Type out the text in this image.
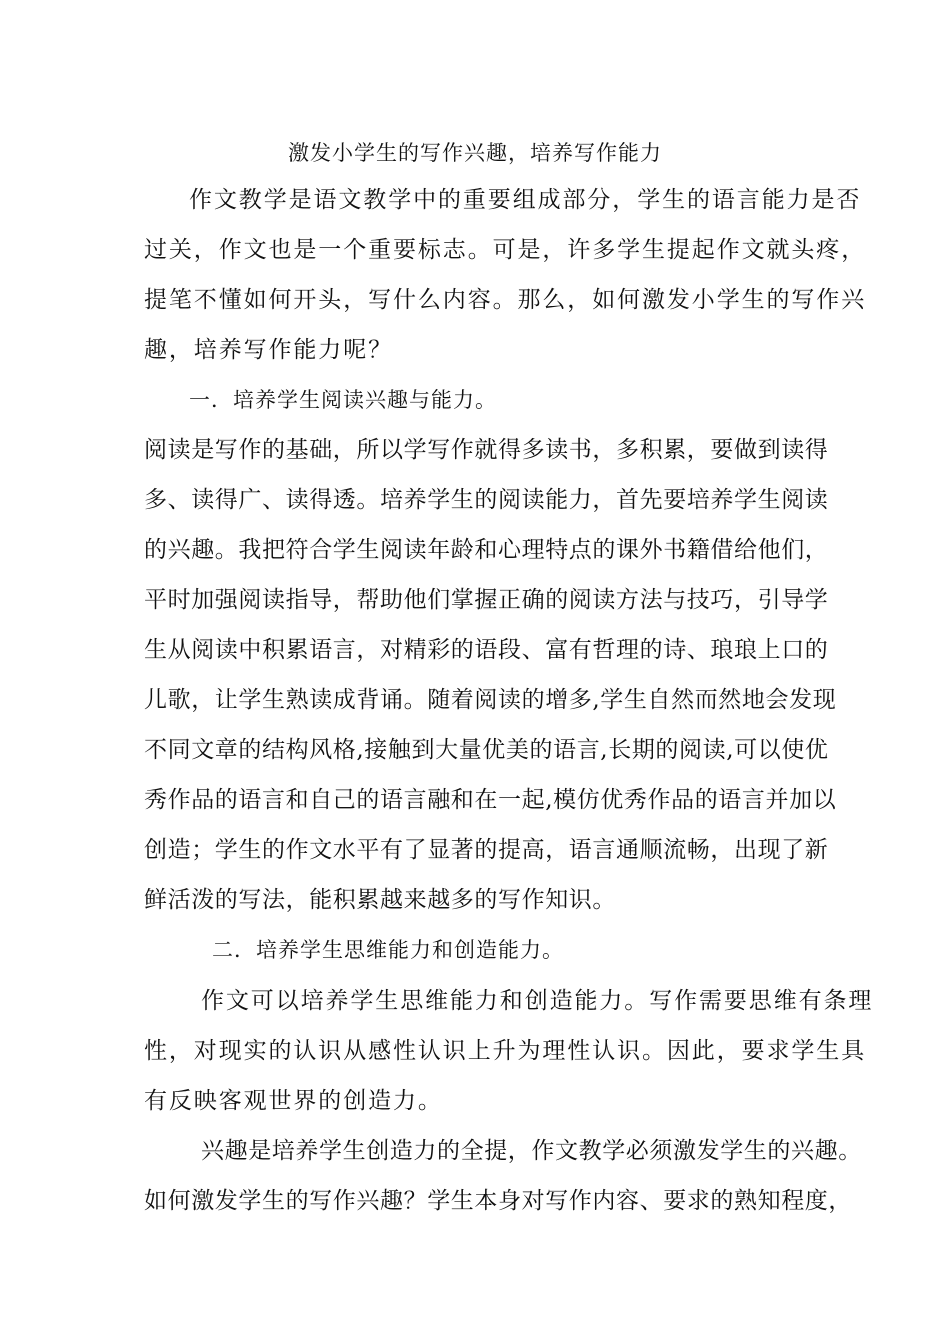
激发小学生的写作兴趣，培养写作能力
作文教学是语文教学中的重要组成部分，学生的语言能力是否
过关，作文也是一个重要标志。可是，许多学生提起作文就头疼，
提笔不懂如何开头，写什么内容。那么，如何激发小学生的写作兴
趣，培养写作能力呢？
一．培养学生阅读兴趣与能力。
阅读是写作的基础，所以学写作就得多读书，多积累，要做到读得
多、读得广、读得透。培养学生的阅读能力，首先要培养学生阅读
的兴趣。我把符合学生阅读年龄和心理特点的课外书籍借给他们，
平时加强阅读指导，帮助他们掌握正确的阅读方法与技巧，引导学
生从阅读中积累语言，对精彩的语段、富有哲理的诗、琅琅上口的
儿歌，让学生熟读成背诵。随着阅读的增多,学生自然而然地会发现
不同文章的结构风格,接触到大量优美的语言,长期的阅读,可以使优
秀作品的语言和自己的语言融和在一起,模仿优秀作品的语言并加以
创造；学生的作文水平有了显著的提高，语言通顺流畅，出现了新
鲜活泼的写法，能积累越来越多的写作知识。
二．培养学生思维能力和创造能力。
作文可以培养学生思维能力和创造能力。写作需要思维有条理
性，对现实的认识从感性认识上升为理性认识。因此，要求学生具
有反映客观世界的创造力。
兴趣是培养学生创造力的全提，作文教学必须激发学生的兴趣。
如何激发学生的写作兴趣？学生本身对写作内容、要求的熟知程度，
